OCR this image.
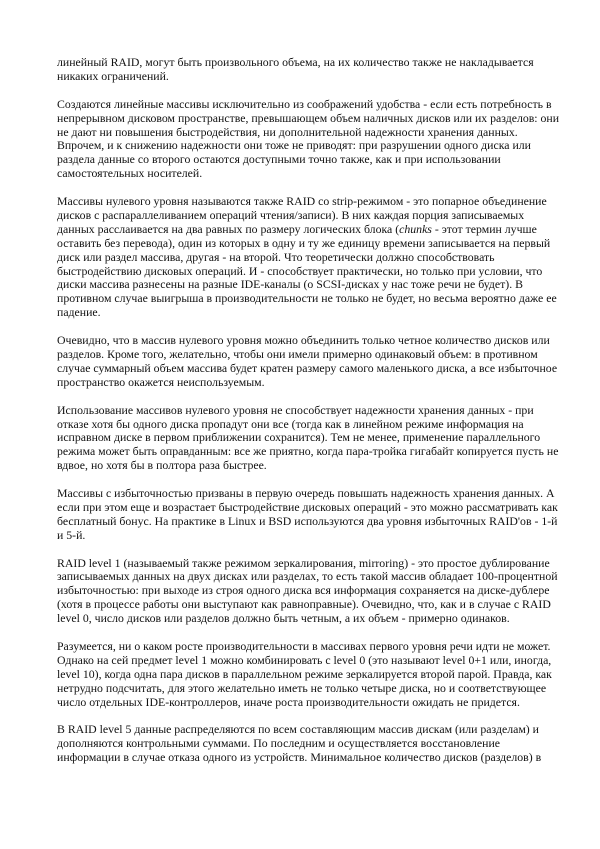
линейный RAID, могут быть произвольного объема, на их количество также не накладывается никаких ограничений.

Создаются линейные массивы исключительно из соображений удобства - если есть потребность в непрерывном дисковом пространстве, превышающем объем наличных дисков или их разделов: они не дают ни повышения быстродействия, ни дополнительной надежности хранения данных. Впрочем, и к снижению надежности они тоже не приводят: при разрушении одного диска или раздела данные со второго остаются доступными точно также, как и при использовании самостоятельных носителей.

Массивы нулевого уровня называются также RAID со strip-режимом - это попарное объединение дисков с распараллеливанием операций чтения/записи). В них каждая порция записываемых данных расслаивается на два равных по размеру логических блока (chunks - этот термин лучше оставить без перевода), один из которых в одну и ту же единицу времени записывается на первый диск или раздел массива, другая - на второй. Что теоретически должно способствовать быстродействию дисковых операций. И - способствует практически, но только при условии, что диски массива разнесены на разные IDE-каналы (о SCSI-дисках у нас тоже речи не будет). В противном случае выигрыша в производительности не только не будет, но весьма вероятно даже ее падение.

Очевидно, что в массив нулевого уровня можно объединить только четное количество дисков или разделов. Кроме того, желательно, чтобы они имели примерно одинаковый объем: в противном случае суммарный объем массива будет кратен размеру самого маленького диска, а все избыточное пространство окажется неиспользуемым.

Использование массивов нулевого уровня не способствует надежности хранения данных - при отказе хотя бы одного диска пропадут они все (тогда как в линейном режиме информация на исправном диске в первом приближении сохранится). Тем не менее, применение параллельного режима может быть оправданным: все же приятно, когда пара-тройка гигабайт копируется пусть не вдвое, но хотя бы в полтора раза быстрее.

Массивы с избыточностью призваны в первую очередь повышать надежность хранения данных. А если при этом еще и возрастает быстродействие дисковых операций - это можно рассматривать как бесплатный бонус. На практике в Linux и BSD используются два уровня избыточных RAID'ов - 1-й и 5-й.

RAID level 1 (называемый также режимом зеркалирования, mirroring) - это простое дублирование записываемых данных на двух дисках или разделах, то есть такой массив обладает 100-процентной избыточностью: при выходе из строя одного диска вся информация сохраняется на диске-дублере (хотя в процессе работы они выступают как равноправные). Очевидно, что, как и в случае с RAID level 0, число дисков или разделов должно быть четным, а их объем - примерно одинаков.

Разумеется, ни о каком росте производительности в массивах первого уровня речи идти не может. Однако на сей предмет level 1 можно комбинировать с level 0 (это называют level 0+1 или, иногда, level 10), когда одна пара дисков в параллельном режиме зеркалируется второй парой. Правда, как нетрудно подсчитать, для этого желательно иметь не только четыре диска, но и соответствующее число отдельных IDE-контроллеров, иначе роста производительности ожидать не придется.

В RAID level 5 данные распределяются по всем составляющим массив дискам (или разделам) и дополняются контрольными суммами. По последним и осуществляется восстановление информации в случае отказа одного из устройств. Минимальное количество дисков (разделов) в
